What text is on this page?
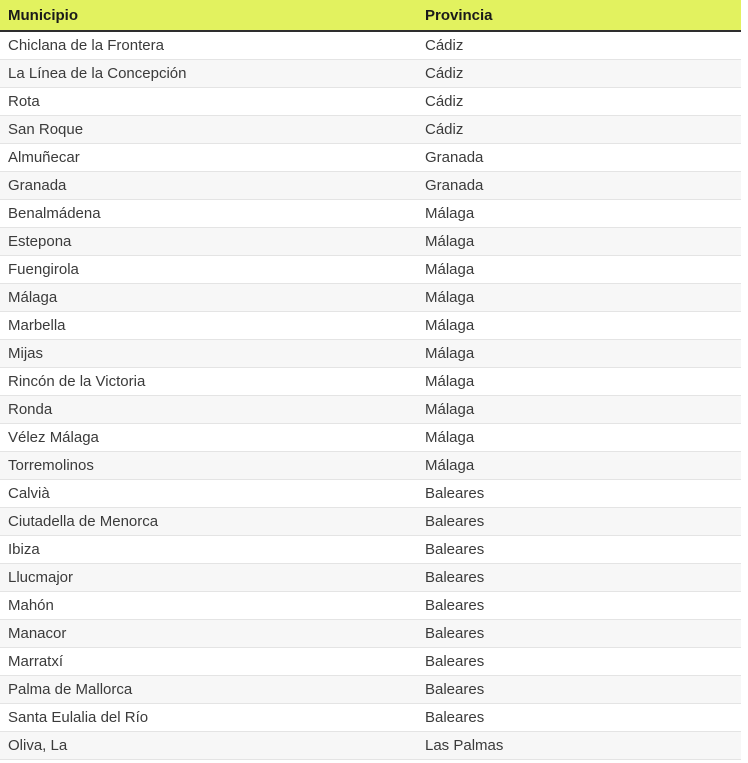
Municipio	Provincia
Chiclana de la Frontera	Cádiz
La Línea de la Concepción	Cádiz
Rota	Cádiz
San Roque	Cádiz
Almuñecar	Granada
Granada	Granada
Benalmádena	Málaga
Estepona	Málaga
Fuengirola	Málaga
Málaga	Málaga
Marbella	Málaga
Mijas	Málaga
Rincón de la Victoria	Málaga
Ronda	Málaga
Vélez Málaga	Málaga
Torremolinos	Málaga
Calvià	Baleares
Ciutadella de Menorca	Baleares
Ibiza	Baleares
Llucmajor	Baleares
Mahón	Baleares
Manacor	Baleares
Marratxí	Baleares
Palma de Mallorca	Baleares
Santa Eulalia del Río	Baleares
Oliva, La	Las Palmas
